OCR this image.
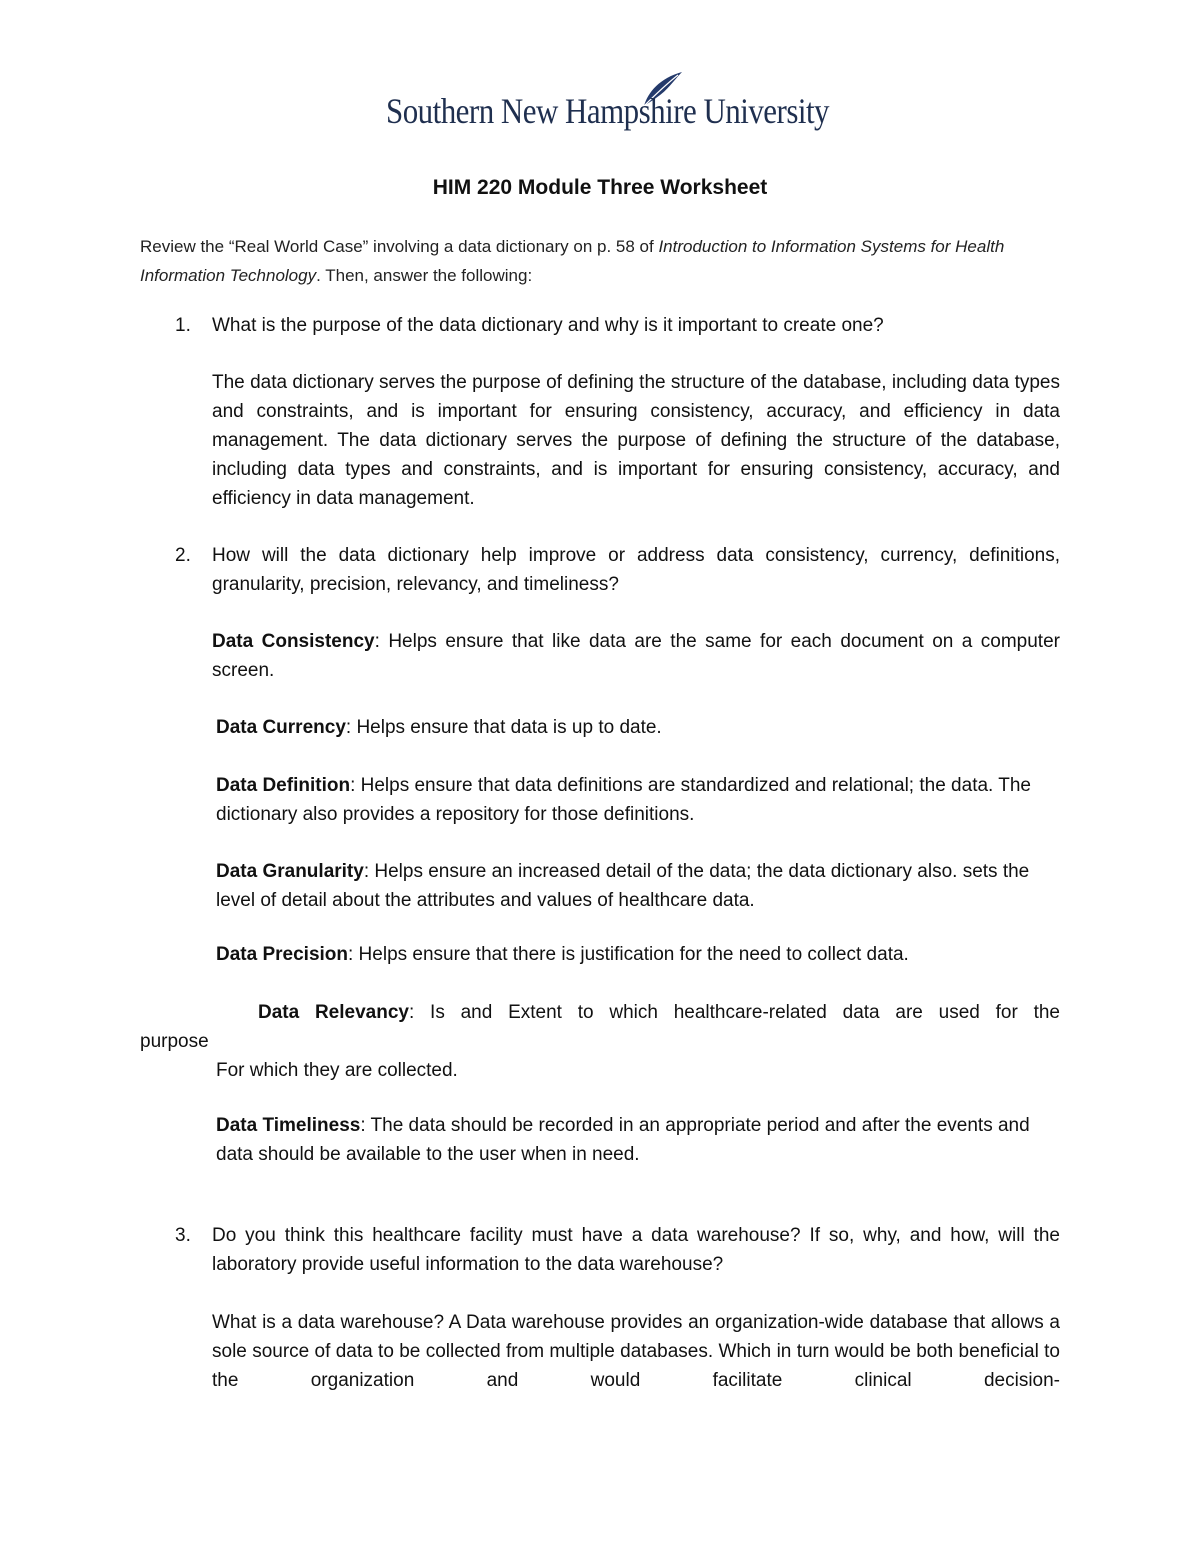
Southern New Hampshire University
HIM 220 Module Three Worksheet
Review the “Real World Case” involving a data dictionary on p. 58 of Introduction to Information Systems for Health Information Technology. Then, answer the following:
1. What is the purpose of the data dictionary and why is it important to create one?
The data dictionary serves the purpose of defining the structure of the database, including data types and constraints, and is important for ensuring consistency, accuracy, and efficiency in data management. The data dictionary serves the purpose of defining the structure of the database, including data types and constraints, and is important for ensuring consistency, accuracy, and efficiency in data management.
2. How will the data dictionary help improve or address data consistency, currency, definitions, granularity, precision, relevancy, and timeliness?
Data Consistency: Helps ensure that like data are the same for each document on a computer screen.
Data Currency: Helps ensure that data is up to date.
Data Definition: Helps ensure that data definitions are standardized and relational; the data. The dictionary also provides a repository for those definitions.
Data Granularity: Helps ensure an increased detail of the data; the data dictionary also. sets the level of detail about the attributes and values of healthcare data.
Data Precision: Helps ensure that there is justification for the need to collect data.
Data Relevancy: Is and Extent to which healthcare-related data are used for the
purpose
For which they are collected.
Data Timeliness: The data should be recorded in an appropriate period and after the events and data should be available to the user when in need.
3. Do you think this healthcare facility must have a data warehouse? If so, why, and how, will the laboratory provide useful information to the data warehouse?
What is a data warehouse? A Data warehouse provides an organization-wide database that allows a sole source of data to be collected from multiple databases. Which in turn would be both beneficial to the organization and would facilitate clinical decision-
